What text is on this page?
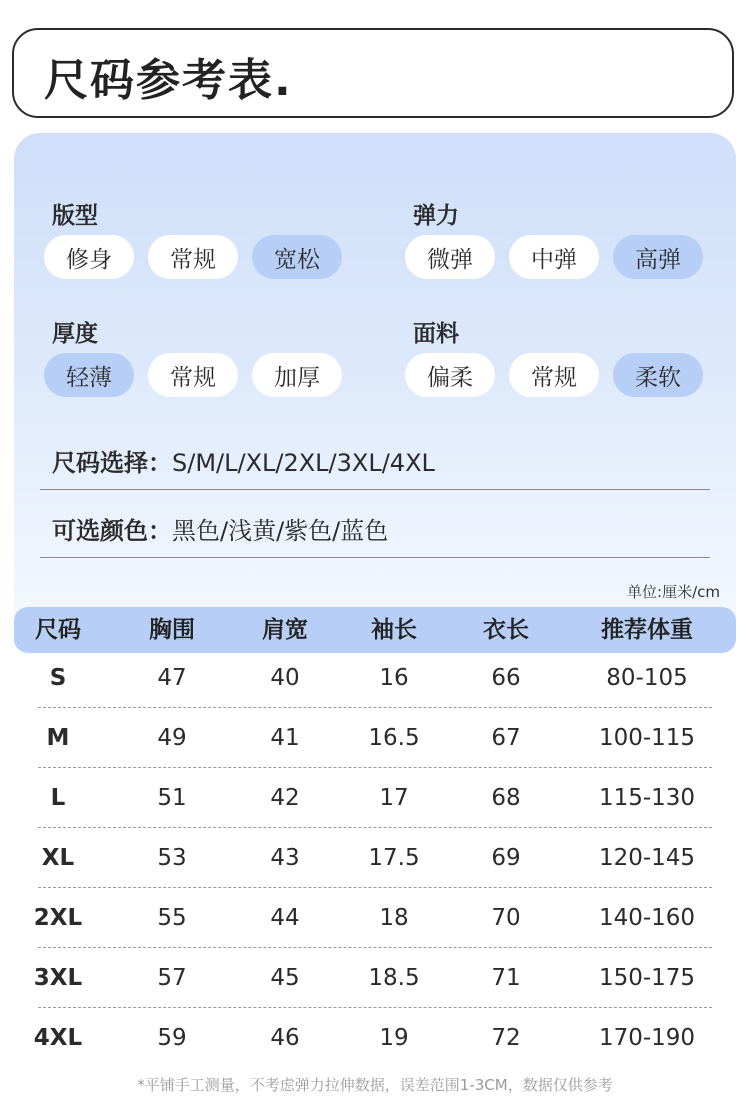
尺码参考表.
版型
修身	常规	宽松
弹力
微弹	中弹	高弹
厚度
轻薄	常规	加厚
面料
偏柔	常规	柔软
尺码选择：S/M/L/XL/2XL/3XL/4XL
可选颜色：黑色/浅黄/紫色/蓝色
单位:厘米/cm
尺码	胸围	肩宽	袖长	衣长	推荐体重
S	47	40	16	66	80-105
M	49	41	16.5	67	100-115
L	51	42	17	68	115-130
XL	53	43	17.5	69	120-145
2XL	55	44	18	70	140-160
3XL	57	45	18.5	71	150-175
4XL	59	46	19	72	170-190
*平铺手工测量，不考虑弹力拉伸数据，误差范围1-3CM，数据仅供参考
